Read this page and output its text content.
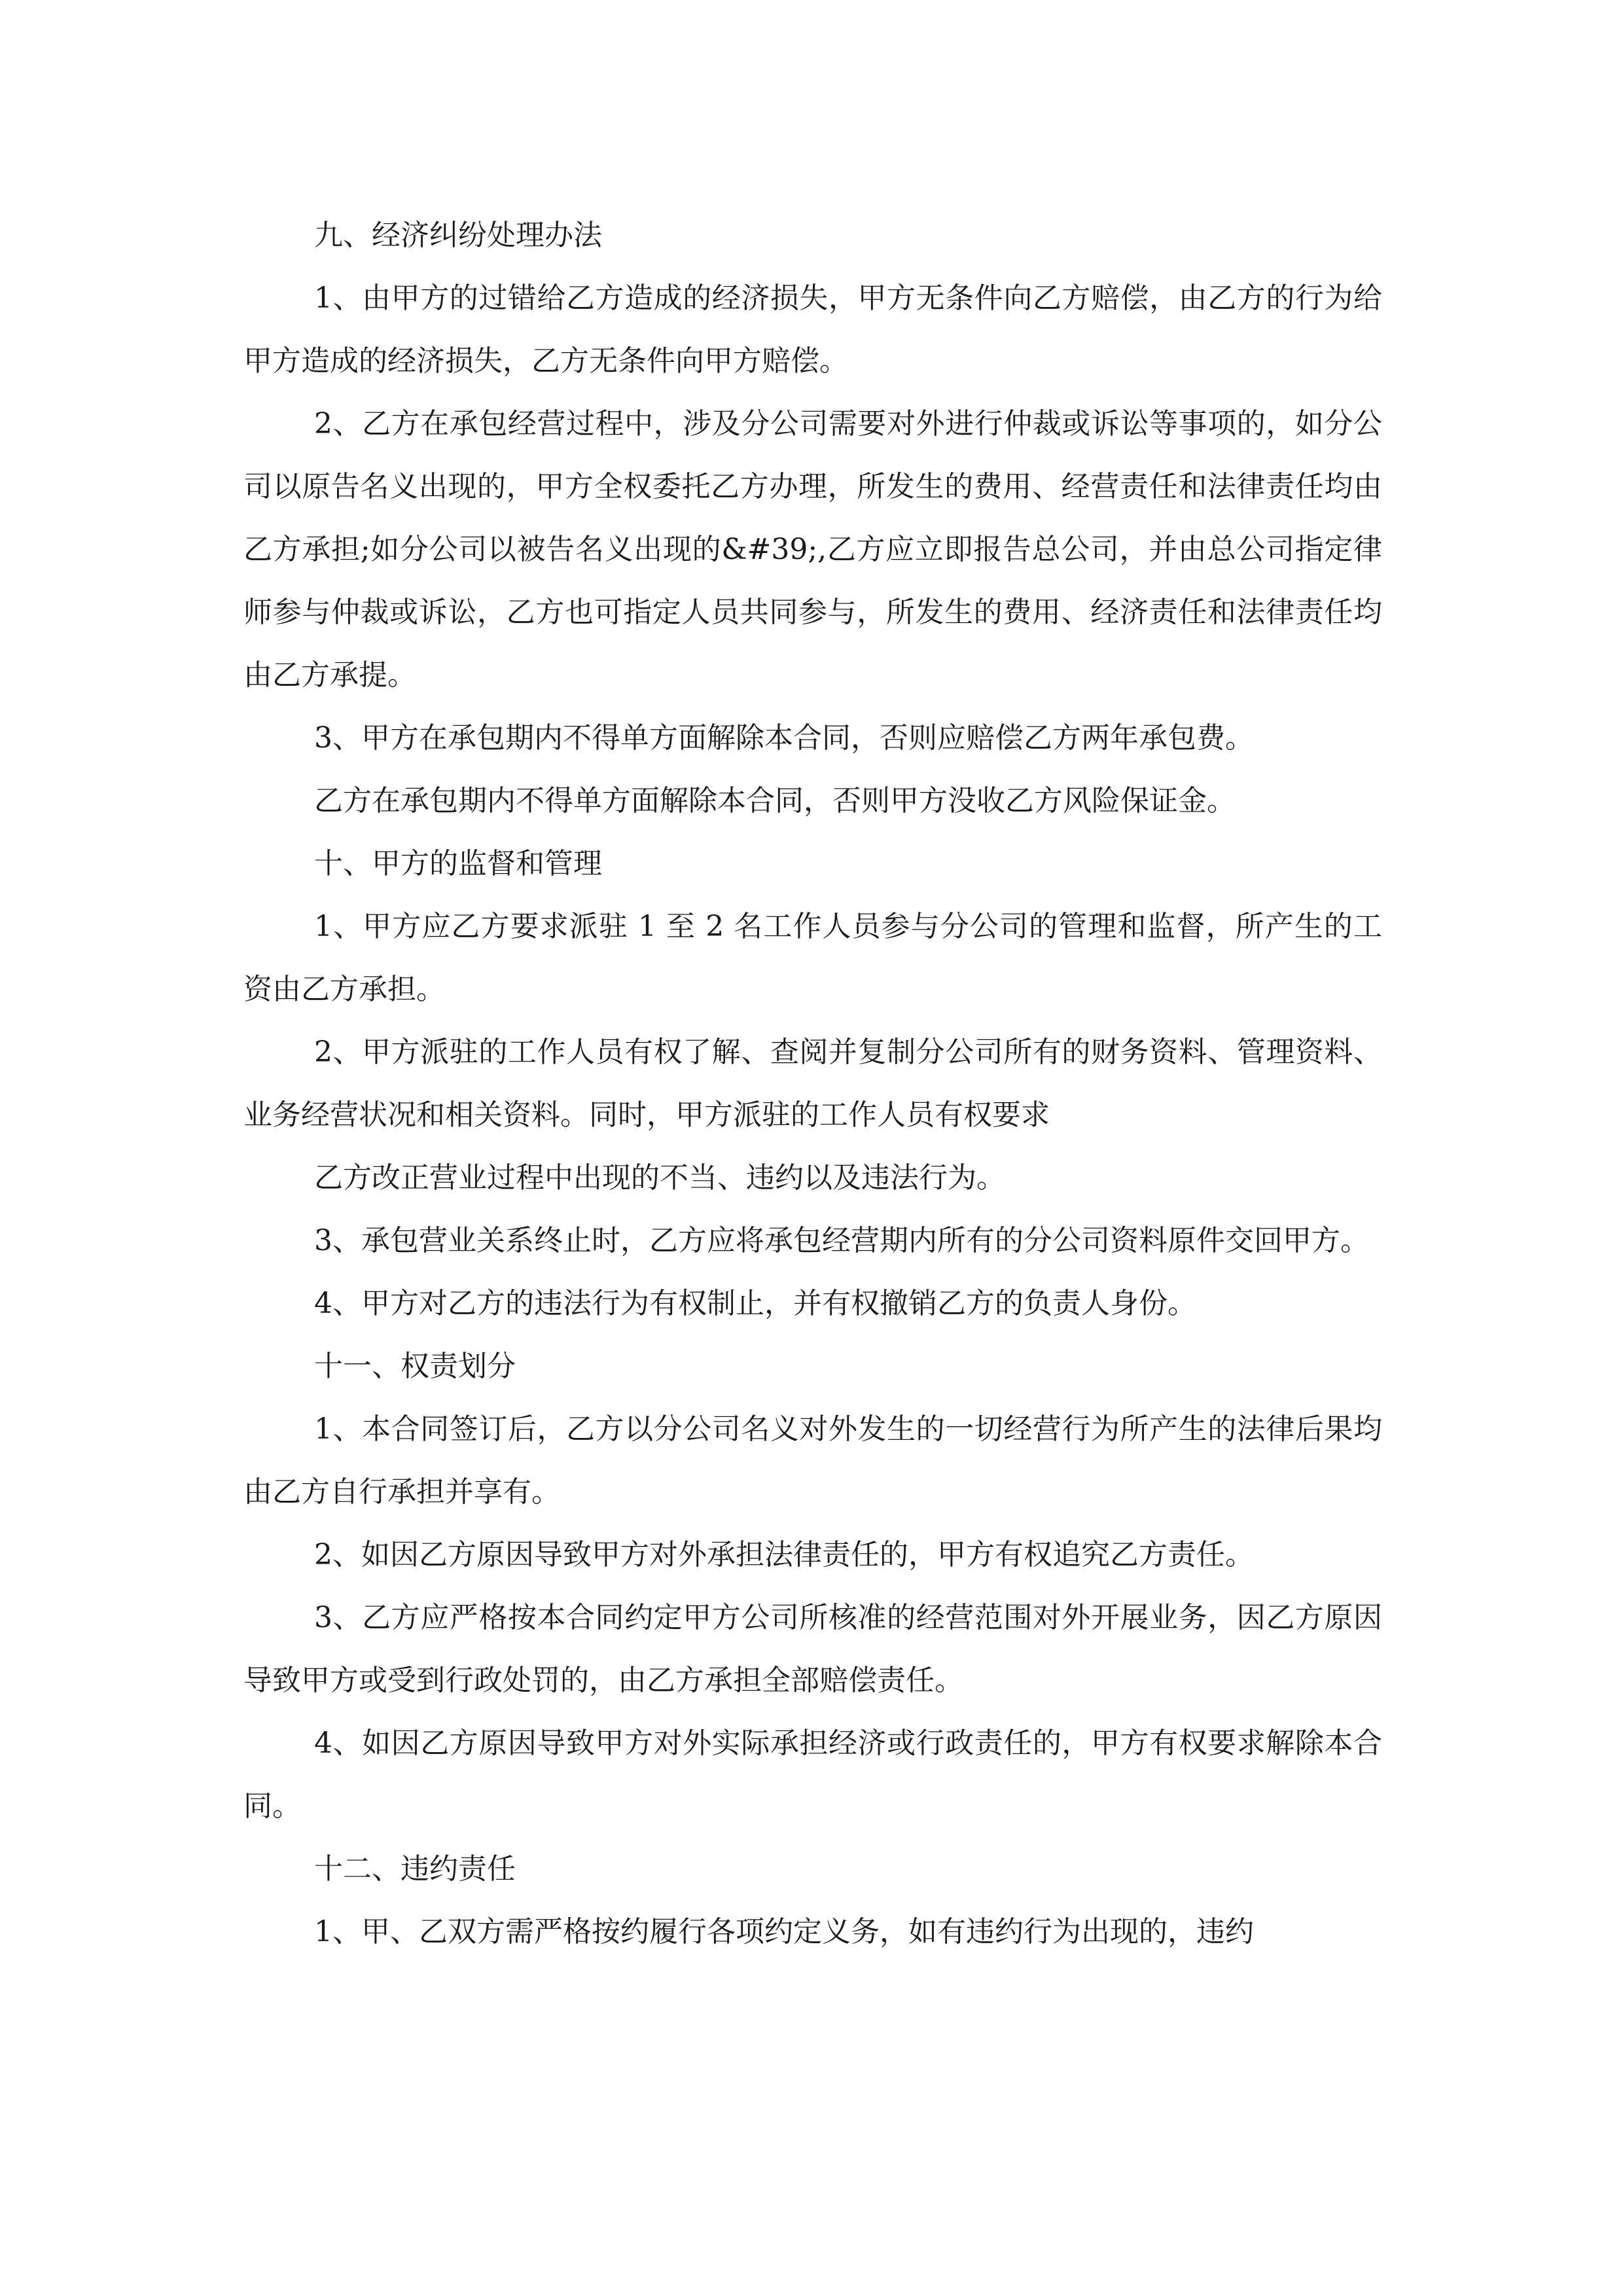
九、经济纠纷处理办法

1、由甲方的过错给乙方造成的经济损失，甲方无条件向乙方赔偿，由乙方的行为给甲方造成的经济损失，乙方无条件向甲方赔偿。

2、乙方在承包经营过程中，涉及分公司需要对外进行仲裁或诉讼等事项的，如分公司以原告名义出现的，甲方全权委托乙方办理，所发生的费用、经营责任和法律责任均由乙方承担;如分公司以被告名义出现的&#39;,乙方应立即报告总公司，并由总公司指定律师参与仲裁或诉讼，乙方也可指定人员共同参与，所发生的费用、经济责任和法律责任均由乙方承提。

3、甲方在承包期内不得单方面解除本合同，否则应赔偿乙方两年承包费。

乙方在承包期内不得单方面解除本合同，否则甲方没收乙方风险保证金。

十、甲方的监督和管理

1、甲方应乙方要求派驻 1 至 2 名工作人员参与分公司的管理和监督，所产生的工资由乙方承担。

2、甲方派驻的工作人员有权了解、查阅并复制分公司所有的财务资料、管理资料、业务经营状况和相关资料。同时，甲方派驻的工作人员有权要求

乙方改正营业过程中出现的不当、违约以及违法行为。

3、承包营业关系终止时，乙方应将承包经营期内所有的分公司资料原件交回甲方。

4、甲方对乙方的违法行为有权制止，并有权撤销乙方的负责人身份。

十一、权责划分

1、本合同签订后，乙方以分公司名义对外发生的一切经营行为所产生的法律后果均由乙方自行承担并享有。

2、如因乙方原因导致甲方对外承担法律责任的，甲方有权追究乙方责任。

3、乙方应严格按本合同约定甲方公司所核准的经营范围对外开展业务，因乙方原因导致甲方或受到行政处罚的，由乙方承担全部赔偿责任。

4、如因乙方原因导致甲方对外实际承担经济或行政责任的，甲方有权要求解除本合同。

十二、违约责任

1、甲、乙双方需严格按约履行各项约定义务，如有违约行为出现的，违约
